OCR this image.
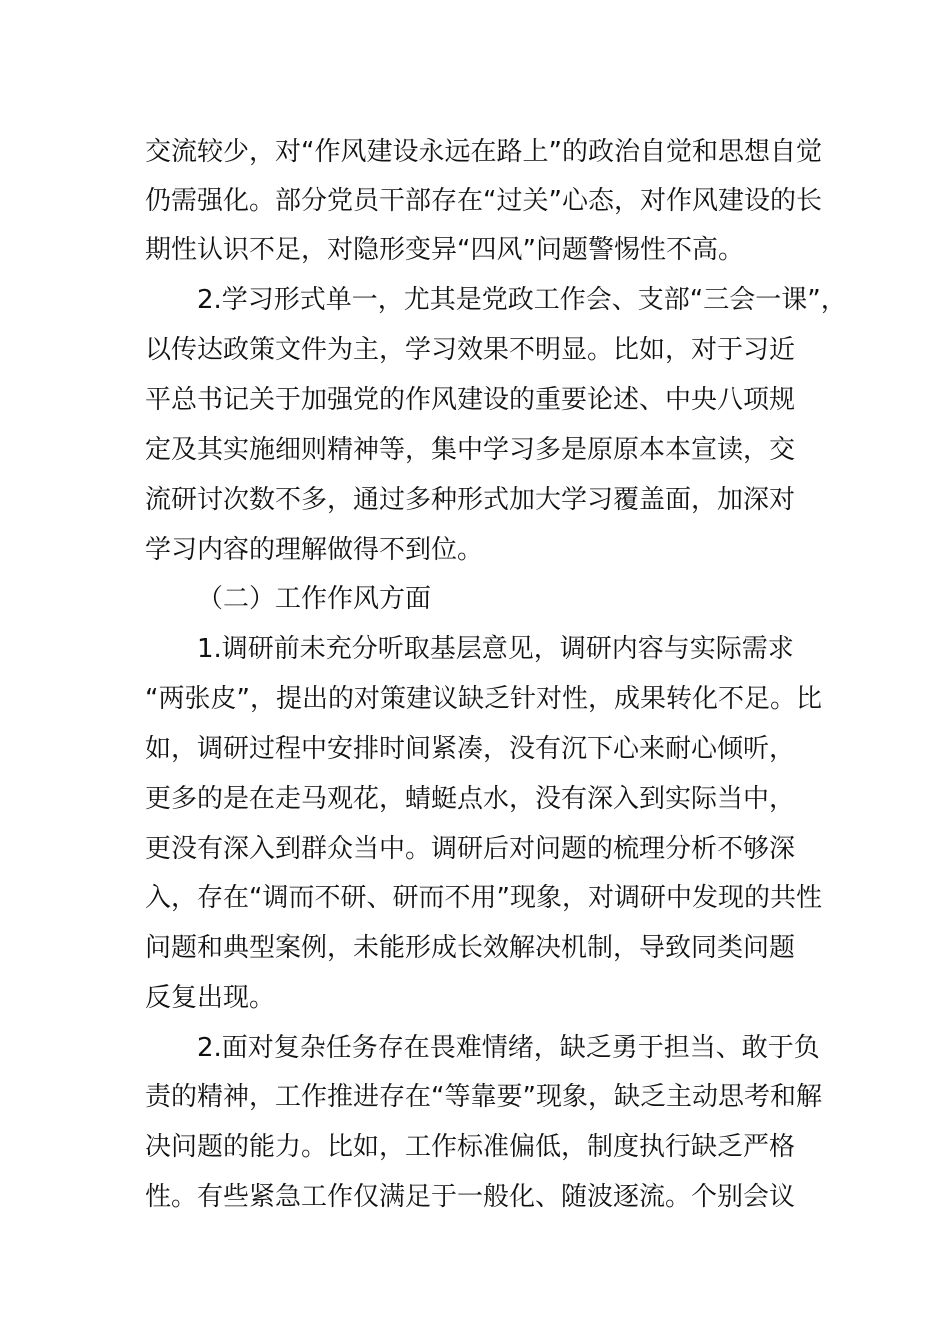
交流较少，对“作风建设永远在路上”的政治自觉和思想自觉
仍需强化。部分党员干部存在“过关”心态，对作风建设的长
期性认识不足，对隐形变异“四风”问题警惕性不高。
2.学习形式单一，尤其是党政工作会、支部“三会一课”，
以传达政策文件为主，学习效果不明显。比如，对于习近
平总书记关于加强党的作风建设的重要论述、中央八项规
定及其实施细则精神等，集中学习多是原原本本宣读，交
流研讨次数不多，通过多种形式加大学习覆盖面，加深对
学习内容的理解做得不到位。
（二）工作作风方面
1.调研前未充分听取基层意见，调研内容与实际需求
“两张皮”，提出的对策建议缺乏针对性，成果转化不足。比
如，调研过程中安排时间紧凑，没有沉下心来耐心倾听，
更多的是在走马观花，蜻蜓点水，没有深入到实际当中，
更没有深入到群众当中。调研后对问题的梳理分析不够深
入，存在“调而不研、研而不用”现象，对调研中发现的共性
问题和典型案例，未能形成长效解决机制，导致同类问题
反复出现。
2.面对复杂任务存在畏难情绪，缺乏勇于担当、敢于负
责的精神，工作推进存在“等靠要”现象，缺乏主动思考和解
决问题的能力。比如，工作标准偏低，制度执行缺乏严格
性。有些紧急工作仅满足于一般化、随波逐流。个别会议
